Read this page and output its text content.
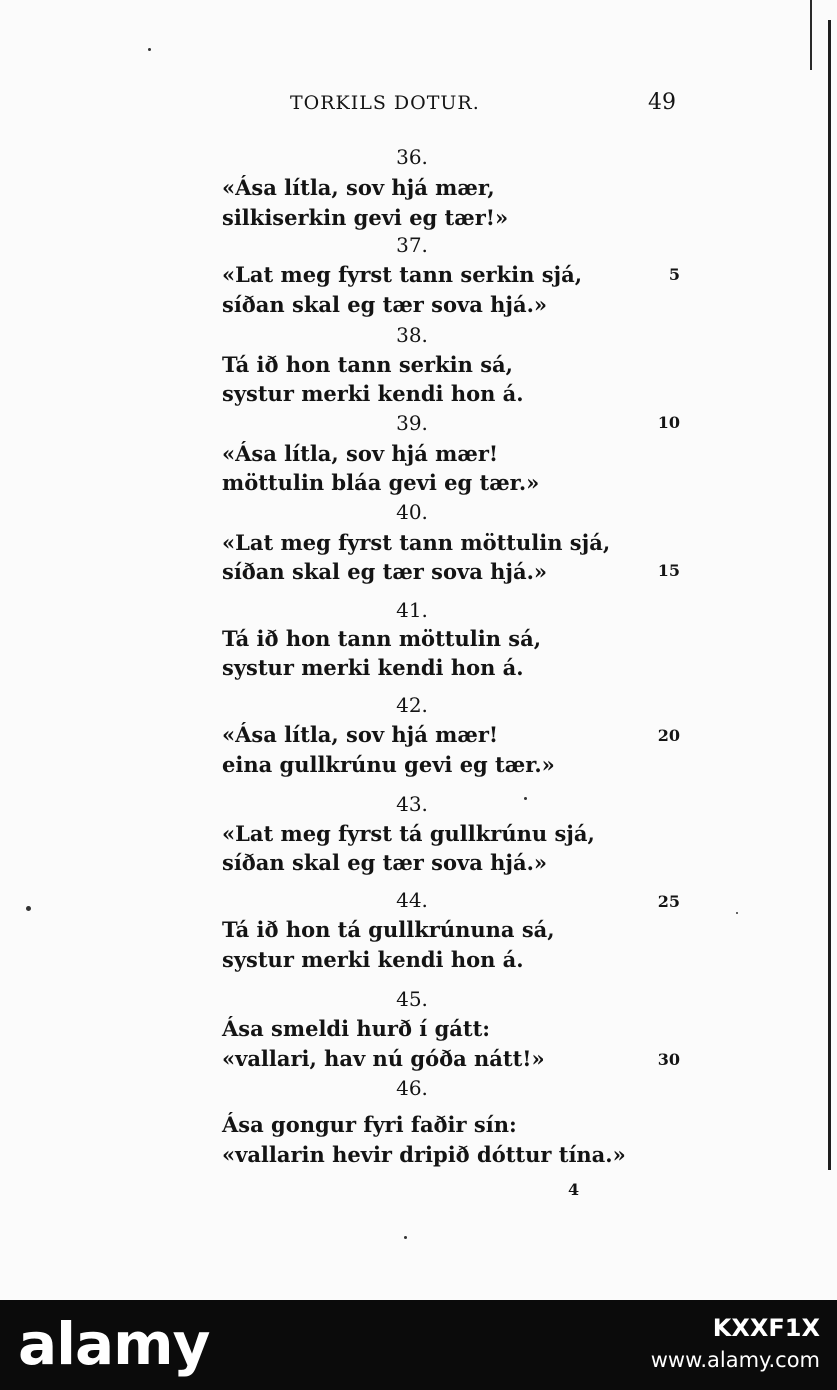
TORKILS DOTUR.	49
36.
«Ása lítla, sov hjá mær,
silkiserkin gevi eg tær!»
37.
«Lat meg fyrst tann serkin sjá,	5
síðan skal eg tær sova hjá.»
38.
Tá ið hon tann serkin sá,
systur merki kendi hon á.
39.	10
«Ása lítla, sov hjá mær!
möttulin bláa gevi eg tær.»
40.
«Lat meg fyrst tann möttulin sjá,
síðan skal eg tær sova hjá.»	15
41.
Tá ið hon tann möttulin sá,
systur merki kendi hon á.
42.
«Ása lítla, sov hjá mær!	20
eina gullkrúnu gevi eg tær.»
43.
«Lat meg fyrst tá gullkrúnu sjá,
síðan skal eg tær sova hjá.»
44.	25
Tá ið hon tá gullkrúnuna sá,
systur merki kendi hon á.
45.
Ása smeldi hurð í gátt:
«vallari, hav nú góða nátt!»	30
46.
Ása gongur fyri faðir sín:
«vallarin hevir dripið dóttur tína.»
4
alamy	KXXF1X
www.alamy.com
